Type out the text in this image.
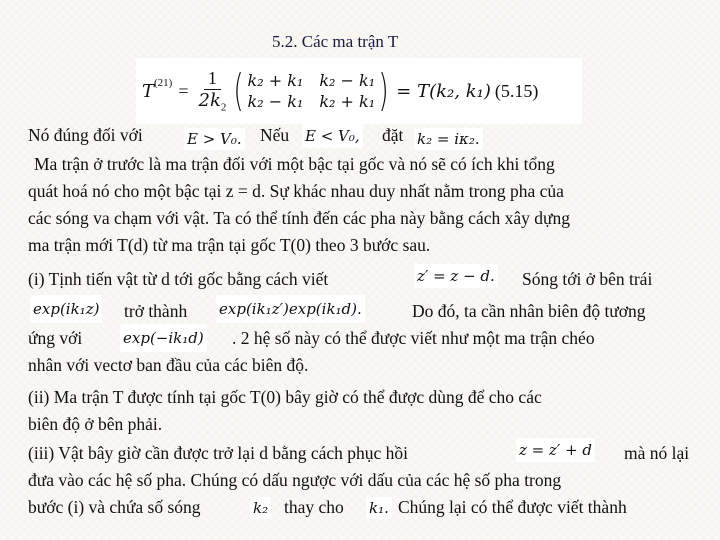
5.2. Các ma trận T
$T^{(21)} = \frac{1}{2k_2}$ ( k₂ + k₁ k₂ − k₁
k₂ − k₁ k₂ + k₁ ) = T(k₂, k₁) (5.15)
Nó đúng đối với	E > V₀. Nếu E < V₀, đặt k₂ = iκ₂.
Ma trận ở trước là ma trận đối với một bậc tại gốc và nó sẽ có ích khi tổng
quát hoá nó cho một bậc tại z = d. Sự khác nhau duy nhất nằm trong pha của
các sóng va chạm với vật. Ta có thể tính đến các pha này bằng cách xây dựng
ma trận mới T(d) từ ma trận tại gốc T(0) theo 3 bước sau.
(i) Tịnh tiến vật từ d tới gốc bằng cách viết	z′ = z − d. Sóng tới ở bên trái
exp(ik₁z) trở thành exp(ik₁z′)exp(ik₁d).	Do đó, ta cần nhân biên độ tương
ứng với	exp(−ik₁d) . 2 hệ số này có thể được viết như một ma trận chéo
nhân với vectơ ban đầu của các biên độ.
(ii) Ma trận T được tính tại gốc T(0) bây giờ có thể được dùng để cho các
biên độ ở bên phải.
(iii) Vật bây giờ cần được trở lại d bằng cách phục hồi	z = z′ + d mà nó lại
đưa vào các hệ số pha. Chúng có dấu ngược với dấu của các hệ số pha trong
bước (i) và chứa số sóng	k₂ thay cho k₁. Chúng lại có thể được viết thành
